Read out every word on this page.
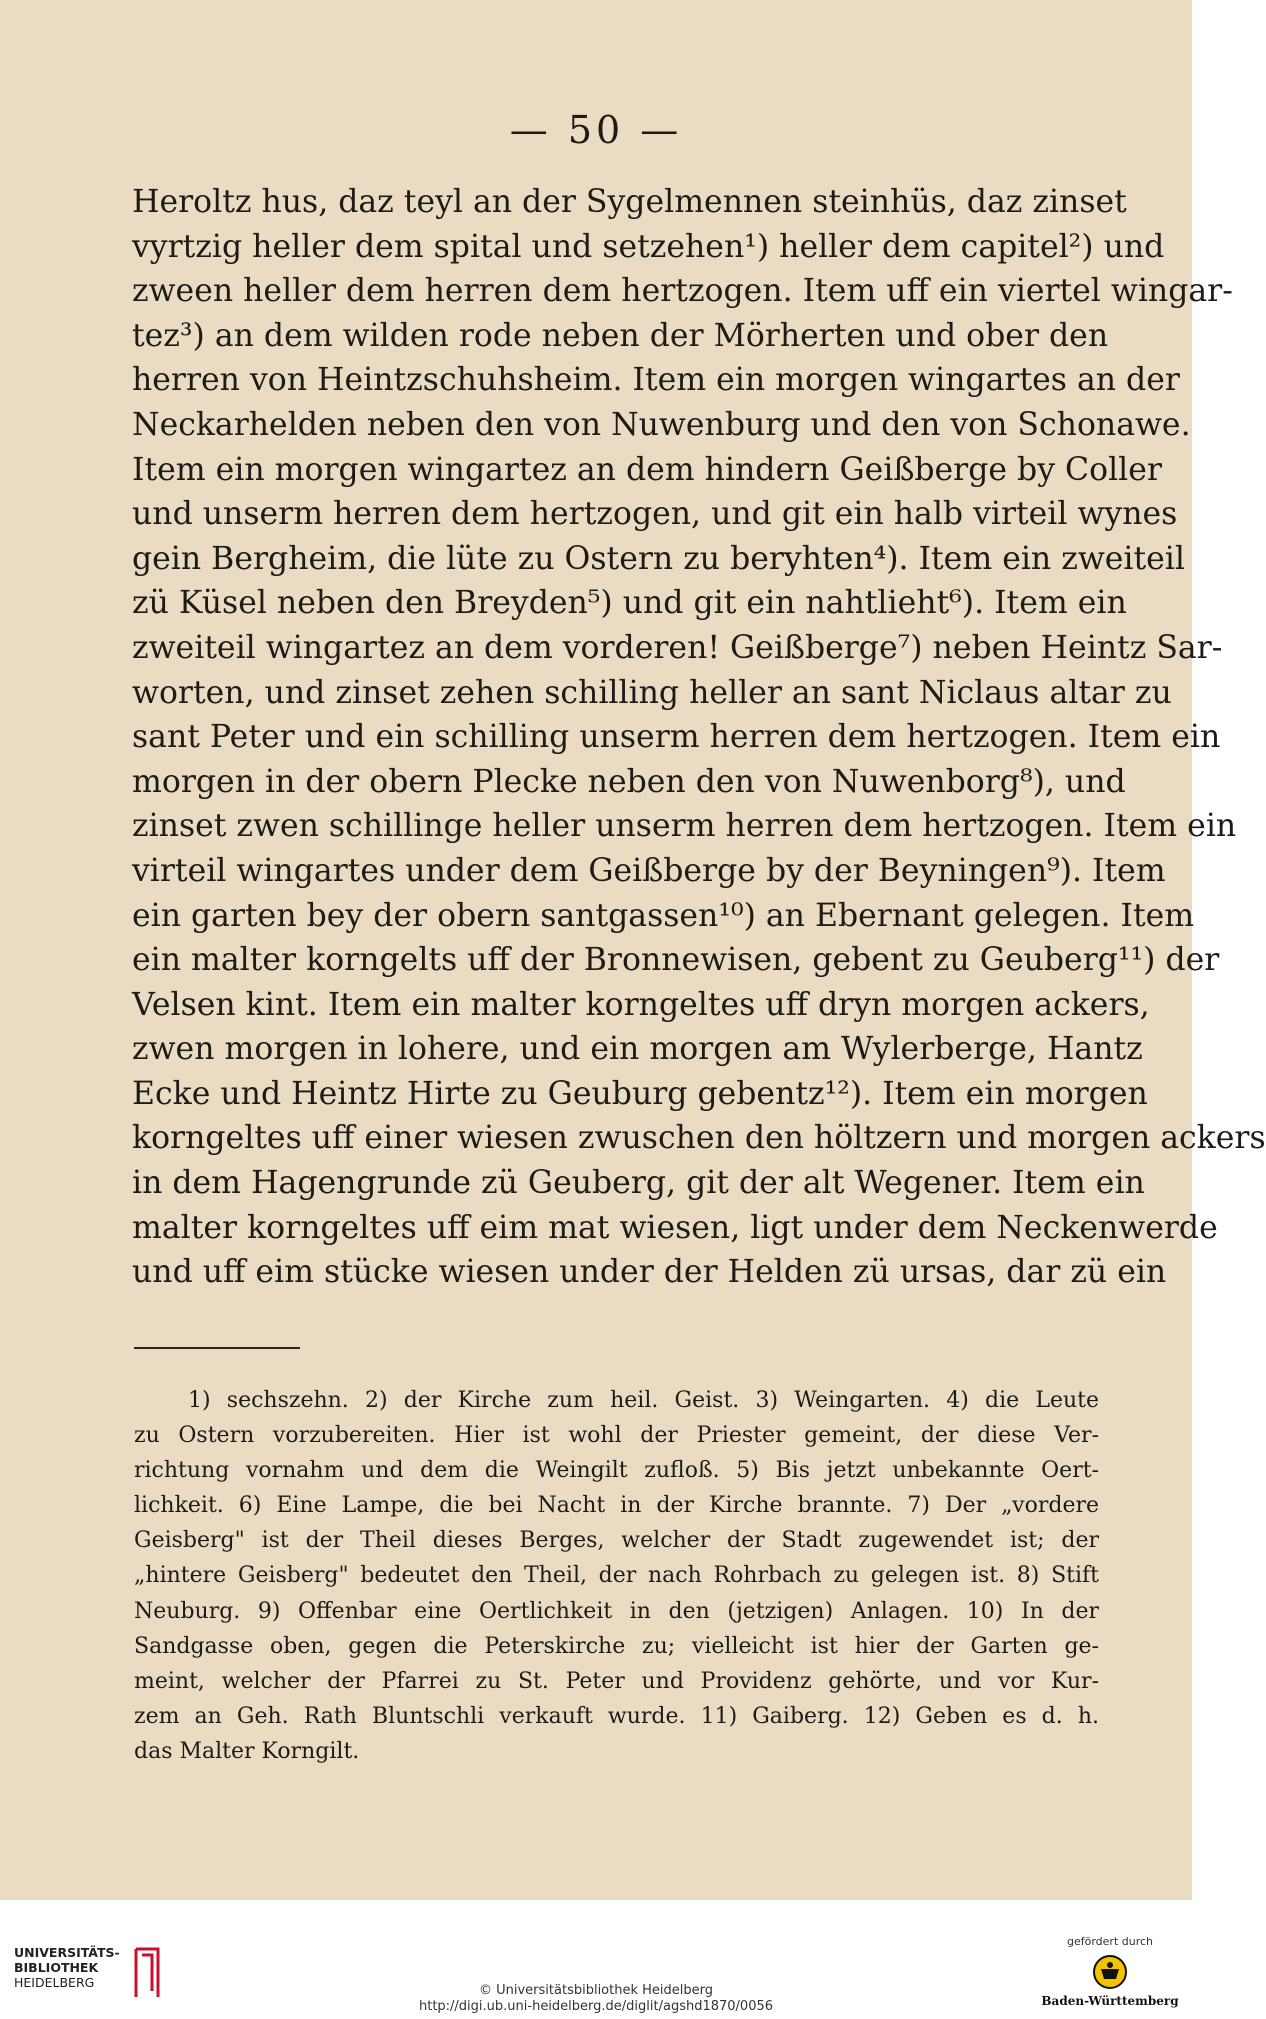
— 50 —
Heroltz hus, daz teyl an der Sygelmennen steinhüs, daz zinset
vyrtzig heller dem spital und setzehen¹) heller dem capitel²) und
zween heller dem herren dem hertzogen. Item uff ein viertel wingar-
tez³) an dem wilden rode neben der Mörherten und ober den
herren von Heintzschuhsheim. Item ein morgen wingartes an der
Neckarhelden neben den von Nuwenburg und den von Schonawe.
Item ein morgen wingartez an dem hindern Geißberge by Coller
und unserm herren dem hertzogen, und git ein halb virteil wynes
gein Bergheim, die lüte zu Ostern zu beryhten⁴). Item ein zweiteil
zü Küsel neben den Breyden⁵) und git ein nahtlieht⁶). Item ein
zweiteil wingartez an dem vorderen! Geißberge⁷) neben Heintz Sar-
worten, und zinset zehen schilling heller an sant Niclaus altar zu
sant Peter und ein schilling unserm herren dem hertzogen. Item ein
morgen in der obern Plecke neben den von Nuwenborg⁸), und
zinset zwen schillinge heller unserm herren dem hertzogen. Item ein
virteil wingartes under dem Geißberge by der Beyningen⁹). Item
ein garten bey der obern santgassen¹⁰) an Ebernant gelegen. Item
ein malter korngelts uff der Bronnewisen, gebent zu Geuberg¹¹) der
Velsen kint. Item ein malter korngeltes uff dryn morgen ackers,
zwen morgen in lohere, und ein morgen am Wylerberge, Hantz
Ecke und Heintz Hirte zu Geuburg gebentz¹²). Item ein morgen
korngeltes uff einer wiesen zwuschen den höltzern und morgen ackers
in dem Hagengrunde zü Geuberg, git der alt Wegener. Item ein
malter korngeltes uff eim mat wiesen, ligt under dem Neckenwerde
und uff eim stücke wiesen under der Helden zü ursas, dar zü ein
1) sechszehn. 2) der Kirche zum heil. Geist. 3) Weingarten. 4) die Leute
zu Ostern vorzubereiten. Hier ist wohl der Priester gemeint, der diese Ver-
richtung vornahm und dem die Weingilt zufloß. 5) Bis jetzt unbekannte Oert-
lichkeit. 6) Eine Lampe, die bei Nacht in der Kirche brannte. 7) Der „vordere
Geisberg" ist der Theil dieses Berges, welcher der Stadt zugewendet ist; der
„hintere Geisberg" bedeutet den Theil, der nach Rohrbach zu gelegen ist. 8) Stift
Neuburg. 9) Offenbar eine Oertlichkeit in den (jetzigen) Anlagen. 10) In der
Sandgasse oben, gegen die Peterskirche zu; vielleicht ist hier der Garten ge-
meint, welcher der Pfarrei zu St. Peter und Providenz gehörte, und vor Kur-
zem an Geh. Rath Bluntschli verkauft wurde. 11) Gaiberg. 12) Geben es d. h.
das Malter Korngilt.
UNIVERSITÄTS-
BIBLIOTHEK
HEIDELBERG
© Universitätsbibliothek Heidelberg
http://digi.ub.uni-heidelberg.de/diglit/agshd1870/0056
gefördert durch
Baden-Württemberg
